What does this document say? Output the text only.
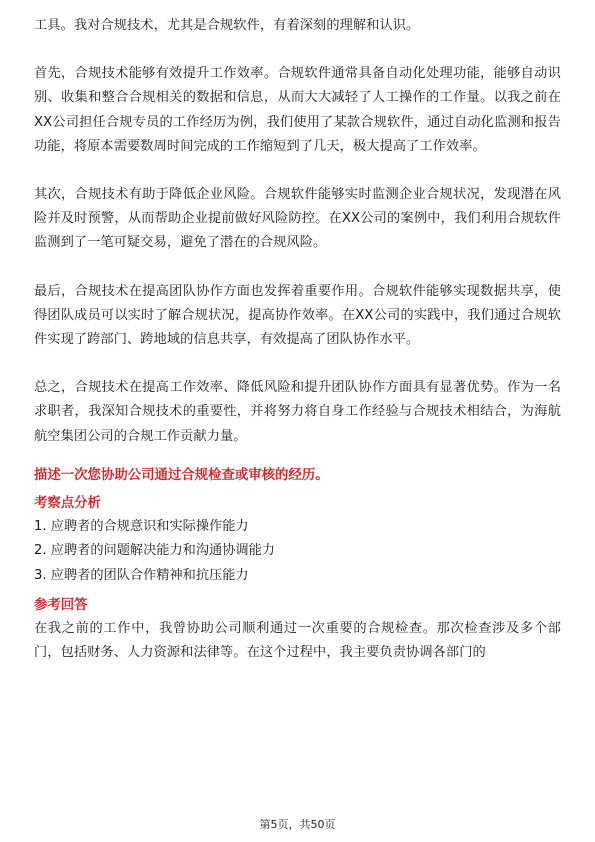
工具。我对合规技术，尤其是合规软件，有着深刻的理解和认识。

首先，合规技术能够有效提升工作效率。合规软件通常具备自动化处理功能，能够自动识别、收集和整合合规相关的数据和信息，从而大大减轻了人工操作的工作量。以我之前在XX公司担任合规专员的工作经历为例，我们使用了某款合规软件，通过自动化监测和报告功能，将原本需要数周时间完成的工作缩短到了几天，极大提高了工作效率。

其次，合规技术有助于降低企业风险。合规软件能够实时监测企业合规状况，发现潜在风险并及时预警，从而帮助企业提前做好风险防控。在XX公司的案例中，我们利用合规软件监测到了一笔可疑交易，避免了潜在的合规风险。

最后，合规技术在提高团队协作方面也发挥着重要作用。合规软件能够实现数据共享，使得团队成员可以实时了解合规状况，提高协作效率。在XX公司的实践中，我们通过合规软件实现了跨部门、跨地域的信息共享，有效提高了团队协作水平。

总之，合规技术在提高工作效率、降低风险和提升团队协作方面具有显著优势。作为一名求职者，我深知合规技术的重要性，并将努力将自身工作经验与合规技术相结合，为海航航空集团公司的合规工作贡献力量。

描述一次您协助公司通过合规检查或审核的经历。

考察点分析

1. 应聘者的合规意识和实际操作能力

2. 应聘者的问题解决能力和沟通协调能力

3. 应聘者的团队合作精神和抗压能力

参考回答

在我之前的工作中，我曾协助公司顺利通过一次重要的合规检查。那次检查涉及多个部门，包括财务、人力资源和法律等。在这个过程中，我主要负责协调各部门的

第5页，共50页
